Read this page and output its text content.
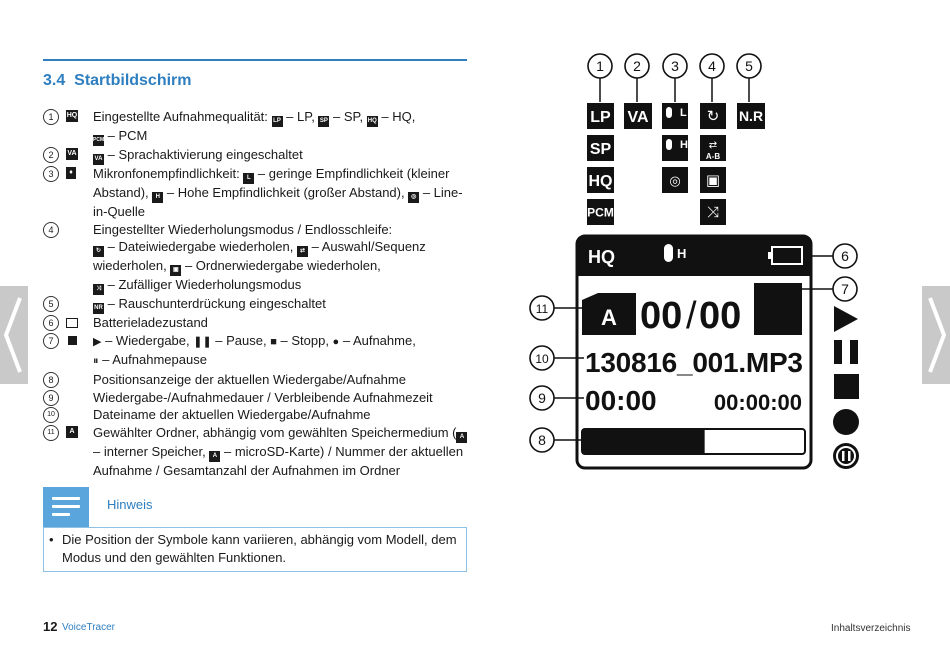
3.4 Startbildschirm
1	HQ Eingestellte Aufnahmequalität: LP – LP, SP – SP, HQ – HQ,
PCM – PCM
2	VA
VA – Sprachaktivierung eingeschaltet
3	♦ Mikronfonempfindlichkeit: L – geringe Empfindlichkeit (kleiner Abstand), H – Hohe Empfindlichkeit (großer Abstand), ◎ – Line-in-Quelle
4	Eingestellter Wiederholungsmodus / Endlosschleife:
↻ – Dateiwiedergabe wiederholen, ⇄ – Auswahl/Sequenz wiederholen, ▣ – Ordnerwiedergabe wiederholen,
⤨ – Zufälliger Wiederholungsmodus
5	NR – Rauschunterdrückung eingeschaltet
6	Batterieladezustand
7	▶ – Wiedergabe, ❚❚ – Pause, ■ – Stopp, ● – Aufnahme,
⏸ – Aufnahmepause
8	Positionsanzeige der aktuellen Wiedergabe/Aufnahme
9	Wiedergabe-/Aufnahmedauer / Verbleibende Aufnahmezeit
10	Dateiname der aktuellen Wiedergabe/Aufnahme
11	A Gewählter Ordner, abhängig vom gewählten Speichermedium ( A – interner Speicher, A – microSD-Karte) / Nummer der aktuellen Aufnahme / Gesamtanzahl der Aufnahmen im Ordner
Hinweis
• Die Position der Symbole kann variieren, abhängig vom Modell, dem Modus und den gewählten Funktionen.
12 VoiceTracer	Inhaltsverzeichnis
1 2 3 4 5
LP
SP
HQ
PCM
VA	N.R
L
H
◎
↻
⇄
▣
⤨
A-B
HQ	H
A 00 / 00
130816_001.MP3
00:00	00:00:00
6
7
11
10
9
8
